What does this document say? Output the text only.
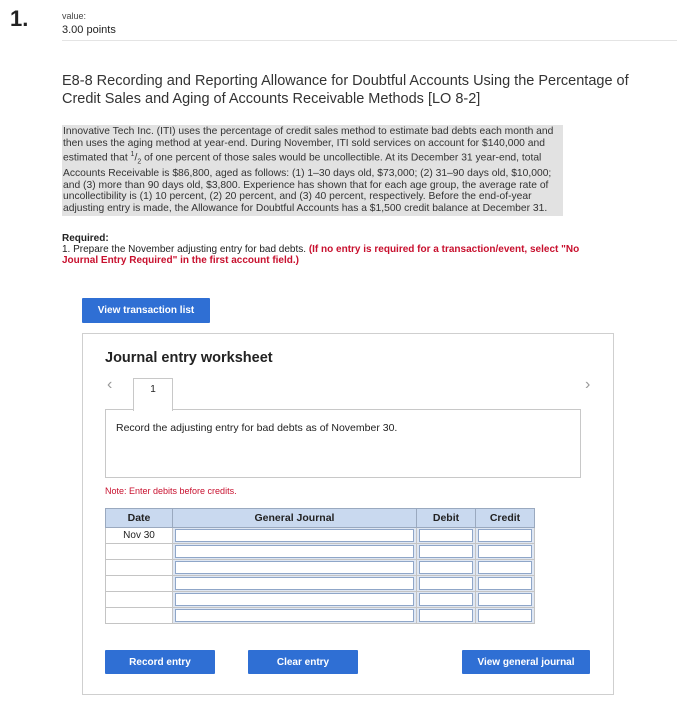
1.	value:
3.00 points
E8-8 Recording and Reporting Allowance for Doubtful Accounts Using the Percentage of Credit Sales and Aging of Accounts Receivable Methods [LO 8-2]
Innovative Tech Inc. (ITI) uses the percentage of credit sales method to estimate bad debts each month and then uses the aging method at year-end. During November, ITI sold services on account for $140,000 and estimated that $^1/_2$ of one percent of those sales would be uncollectible. At its December 31 year-end, total Accounts Receivable is $86,800, aged as follows: (1) 1–30 days old, $73,000; (2) 31–90 days old, $10,000; and (3) more than 90 days old, $3,800. Experience has shown that for each age group, the average rate of uncollectibility is (1) 10 percent, (2) 20 percent, and (3) 40 percent, respectively. Before the end-of-year adjusting entry is made, the Allowance for Doubtful Accounts has a $1,500 credit balance at December 31.
Required:
1. Prepare the November adjusting entry for bad debts. (If no entry is required for a transaction/event, select "No Journal Entry Required" in the first account field.)
View transaction list
Journal entry worksheet
‹	›
1
Record the adjusting entry for bad debts as of November 30.
Note: Enter debits before credits.
Date	General Journal	Debit	Credit
Nov 30	

Record entry	Clear entry	View general journal
